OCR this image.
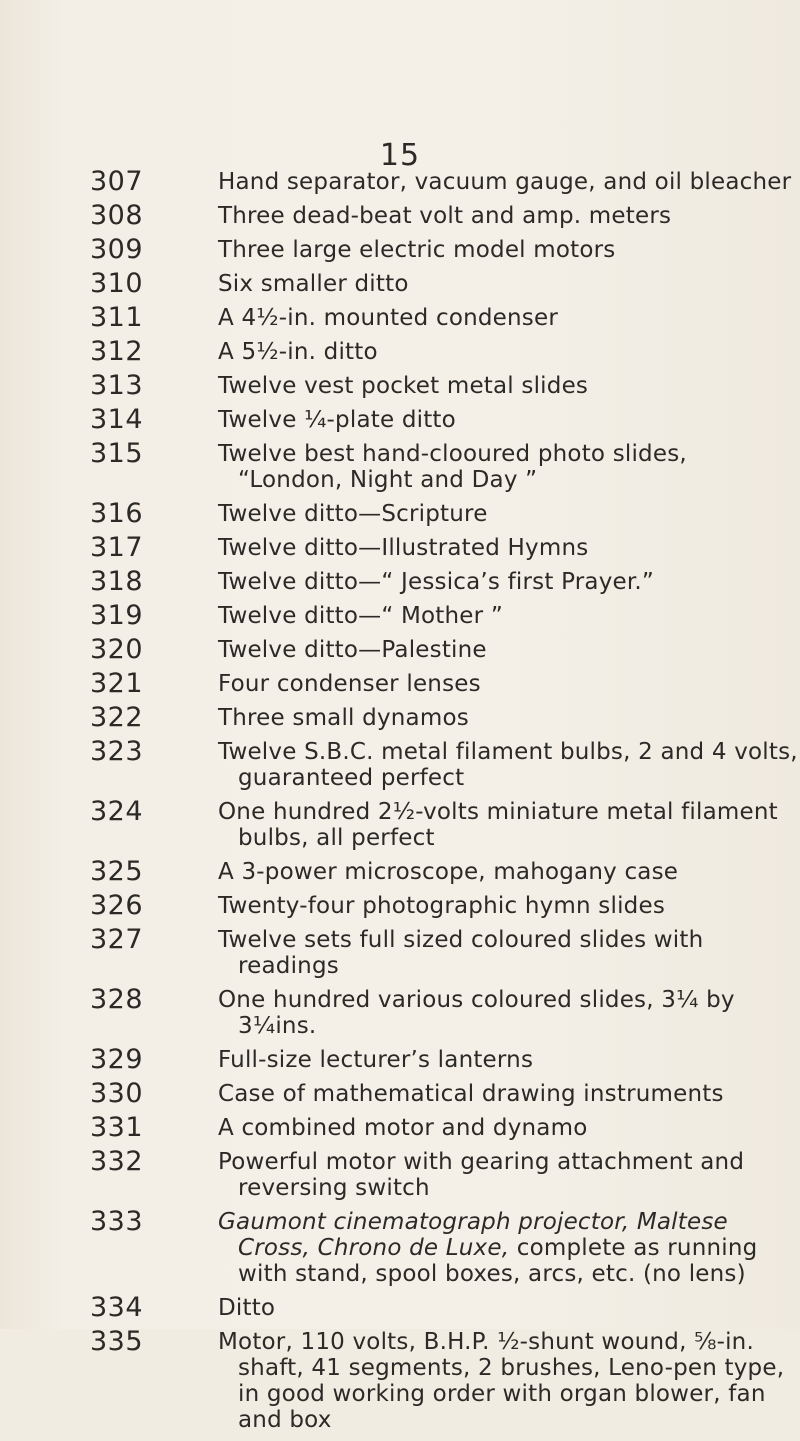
15
307	Hand separator, vacuum gauge, and oil bleacher
308	Three dead-beat volt and amp. meters
309	Three large electric model motors
310	Six smaller ditto
311	A 4½-in. mounted condenser
312	A 5½-in. ditto
313	Twelve vest pocket metal slides
314	Twelve ¼-plate ditto
315	Twelve best hand-clooured photo slides, “London, Night and Day ”
316	Twelve ditto—Scripture
317	Twelve ditto—Illustrated Hymns
318	Twelve ditto—“ Jessica’s first Prayer.”
319	Twelve ditto—“ Mother ”
320	Twelve ditto—Palestine
321	Four condenser lenses
322	Three small dynamos
323	Twelve S.B.C. metal filament bulbs, 2 and 4 volts, guaranteed perfect
324	One hundred 2½-volts miniature metal filament bulbs, all perfect
325	A 3-power microscope, mahogany case
326	Twenty-four photographic hymn slides
327	Twelve sets full sized coloured slides with readings
328	One hundred various coloured slides, 3¼ by 3¼ins.
329	Full-size lecturer’s lanterns
330	Case of mathematical drawing instruments
331	A combined motor and dynamo
332	Powerful motor with gearing attachment and reversing switch
333	Gaumont cinematograph projector, Maltese Cross, Chrono de Luxe, complete as running with stand, spool boxes, arcs, etc. (no lens)
334	Ditto
335	Motor, 110 volts, B.H.P. ½-shunt wound, ⅝-in. shaft, 41 segments, 2 brushes, Leno-pen type, in good working order with organ blower, fan and box
